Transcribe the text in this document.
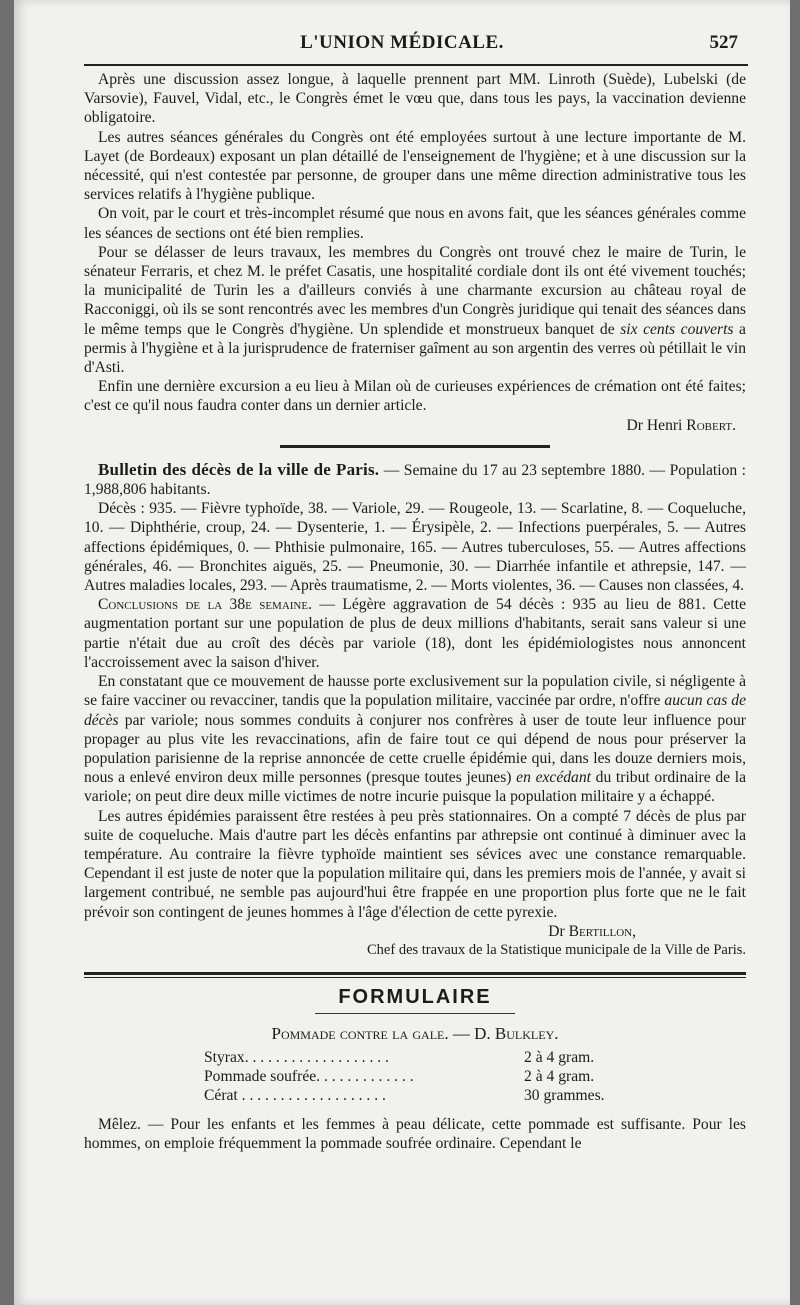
L'UNION MÉDICALE.	527

Après une discussion assez longue, à laquelle prennent part MM. Linroth (Suède), Lubelski (de Varsovie), Fauvel, Vidal, etc., le Congrès émet le vœu que, dans tous les pays, la vaccination devienne obligatoire.

Les autres séances générales du Congrès ont été employées surtout à une lecture importante de M. Layet (de Bordeaux) exposant un plan détaillé de l'enseignement de l'hygiène; et à une discussion sur la nécessité, qui n'est contestée par personne, de grouper dans une même direction administrative tous les services relatifs à l'hygiène publique.

On voit, par le court et très-incomplet résumé que nous en avons fait, que les séances générales comme les séances de sections ont été bien remplies.

Pour se délasser de leurs travaux, les membres du Congrès ont trouvé chez le maire de Turin, le sénateur Ferraris, et chez M. le préfet Casatis, une hospitalité cordiale dont ils ont été vivement touchés; la municipalité de Turin les a d'ailleurs conviés à une charmante excursion au château royal de Racconiggi, où ils se sont rencontrés avec les membres d'un Congrès juridique qui tenait des séances dans le même temps que le Congrès d'hygiène. Un splendide et monstrueux banquet de six cents couverts a permis à l'hygiène et à la jurisprudence de fraterniser gaîment au son argentin des verres où pétillait le vin d'Asti.

Enfin une dernière excursion a eu lieu à Milan où de curieuses expériences de crémation ont été faites; c'est ce qu'il nous faudra conter dans un dernier article.

Dr Henri Robert.

Bulletin des décès de la ville de Paris. — Semaine du 17 au 23 septembre 1880. — Population : 1,988,806 habitants.

Décès : 935. — Fièvre typhoïde, 38. — Variole, 29. — Rougeole, 13. — Scarlatine, 8. — Coqueluche, 10. — Diphthérie, croup, 24. — Dysenterie, 1. — Érysipèle, 2. — Infections puerpérales, 5. — Autres affections épidémiques, 0. — Phthisie pulmonaire, 165. — Autres tuberculoses, 55. — Autres affections générales, 46. — Bronchites aiguës, 25. — Pneumonie, 30. — Diarrhée infantile et athrepsie, 147. — Autres maladies locales, 293. — Après traumatisme, 2. — Morts violentes, 36. — Causes non classées, 4.

Conclusions de la 38e semaine. — Légère aggravation de 54 décès : 935 au lieu de 881. Cette augmentation portant sur une population de plus de deux millions d'habitants, serait sans valeur si une partie n'était due au croît des décès par variole (18), dont les épidémiologistes nous annoncent l'accroissement avec la saison d'hiver.

En constatant que ce mouvement de hausse porte exclusivement sur la population civile, si négligente à se faire vacciner ou revacciner, tandis que la population militaire, vaccinée par ordre, n'offre aucun cas de décès par variole; nous sommes conduits à conjurer nos confrères à user de toute leur influence pour propager au plus vite les revaccinations, afin de faire tout ce qui dépend de nous pour préserver la population parisienne de la reprise annoncée de cette cruelle épidémie qui, dans les douze derniers mois, nous a enlevé environ deux mille personnes (presque toutes jeunes) en excédant du tribut ordinaire de la variole; on peut dire deux mille victimes de notre incurie puisque la population militaire y a échappé.

Les autres épidémies paraissent être restées à peu près stationnaires. On a compté 7 décès de plus par suite de coqueluche. Mais d'autre part les décès enfantins par athrepsie ont continué à diminuer avec la température. Au contraire la fièvre typhoïde maintient ses sévices avec une constance remarquable. Cependant il est juste de noter que la population militaire qui, dans les premiers mois de l'année, y avait si largement contribué, ne semble pas aujourd'hui être frappée en une proportion plus forte que ne le fait prévoir son contingent de jeunes hommes à l'âge d'élection de cette pyrexie.

Dr Bertillon,

Chef des travaux de la Statistique municipale de la Ville de Paris.

FORMULAIRE
Pommade contre la gale. — D. Bulkley.
Styrax. . . . . . . . . . . . . . . . . . .	2 à 4 gram.
Pommade soufrée. . . . . . . . . . . . .	2 à 4 gram.
Cérat . . . . . . . . . . . . . . . . . . .	30 grammes.

Mêlez. — Pour les enfants et les femmes à peau délicate, cette pommade est suffisante. Pour les hommes, on emploie fréquemment la pommade soufrée ordinaire. Cependant le
